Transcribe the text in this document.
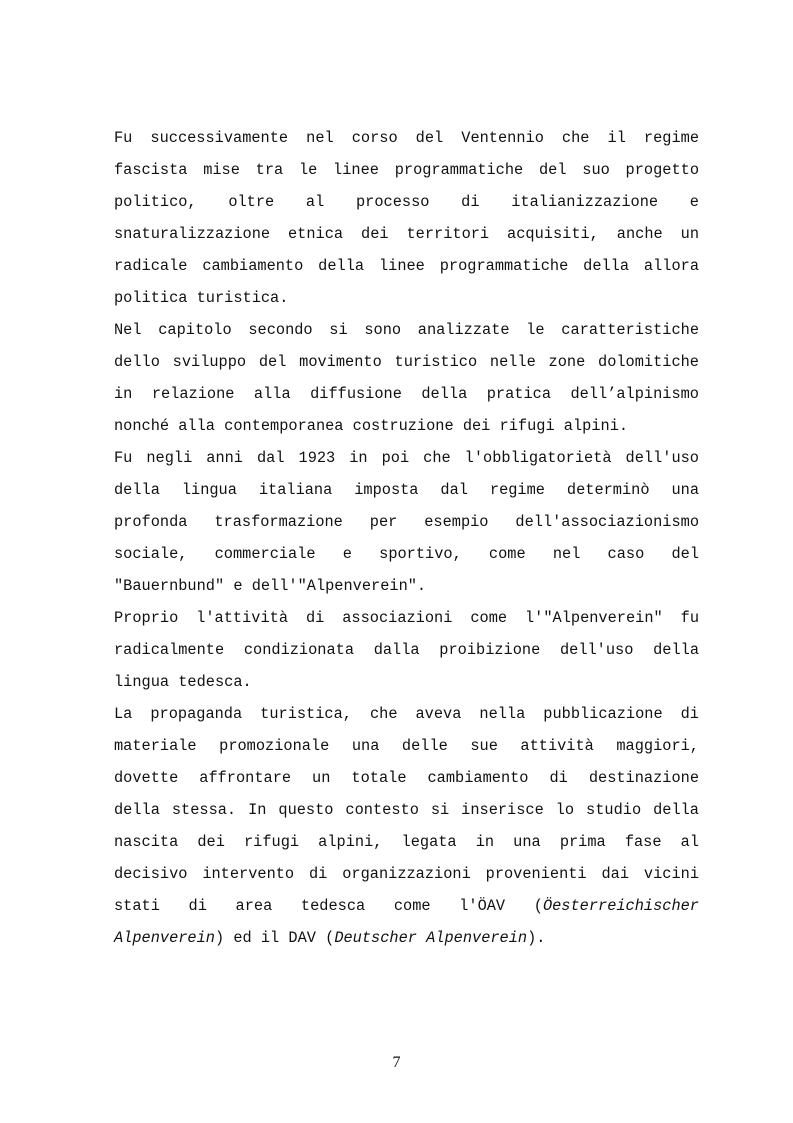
Fu successivamente nel corso del Ventennio che il regime
fascista mise tra le linee programmatiche del suo progetto
politico, oltre al processo di italianizzazione e
snaturalizzazione etnica dei territori acquisiti, anche un
radicale cambiamento della linee programmatiche della allora
politica turistica.
Nel capitolo secondo si sono analizzate le caratteristiche
dello sviluppo del movimento turistico nelle zone dolomitiche
in relazione alla diffusione della pratica dell’alpinismo
nonché alla contemporanea costruzione dei rifugi alpini.
Fu negli anni dal 1923 in poi che l'obbligatorietà dell'uso
della lingua italiana imposta dal regime determinò una
profonda trasformazione per esempio dell'associazionismo
sociale, commerciale e sportivo, come nel caso del
"Bauernbund" e dell'"Alpenverein".
Proprio l'attività di associazioni come l'"Alpenverein" fu
radicalmente condizionata dalla proibizione dell'uso della
lingua tedesca.
La propaganda turistica, che aveva nella pubblicazione di
materiale promozionale una delle sue attività maggiori,
dovette affrontare un totale cambiamento di destinazione
della stessa. In questo contesto si inserisce lo studio della
nascita dei rifugi alpini, legata in una prima fase al
decisivo intervento di organizzazioni provenienti dai vicini
stati di area tedesca come l'ÖAV (Öesterreichischer
Alpenverein) ed il DAV (Deutscher Alpenverein).
7
